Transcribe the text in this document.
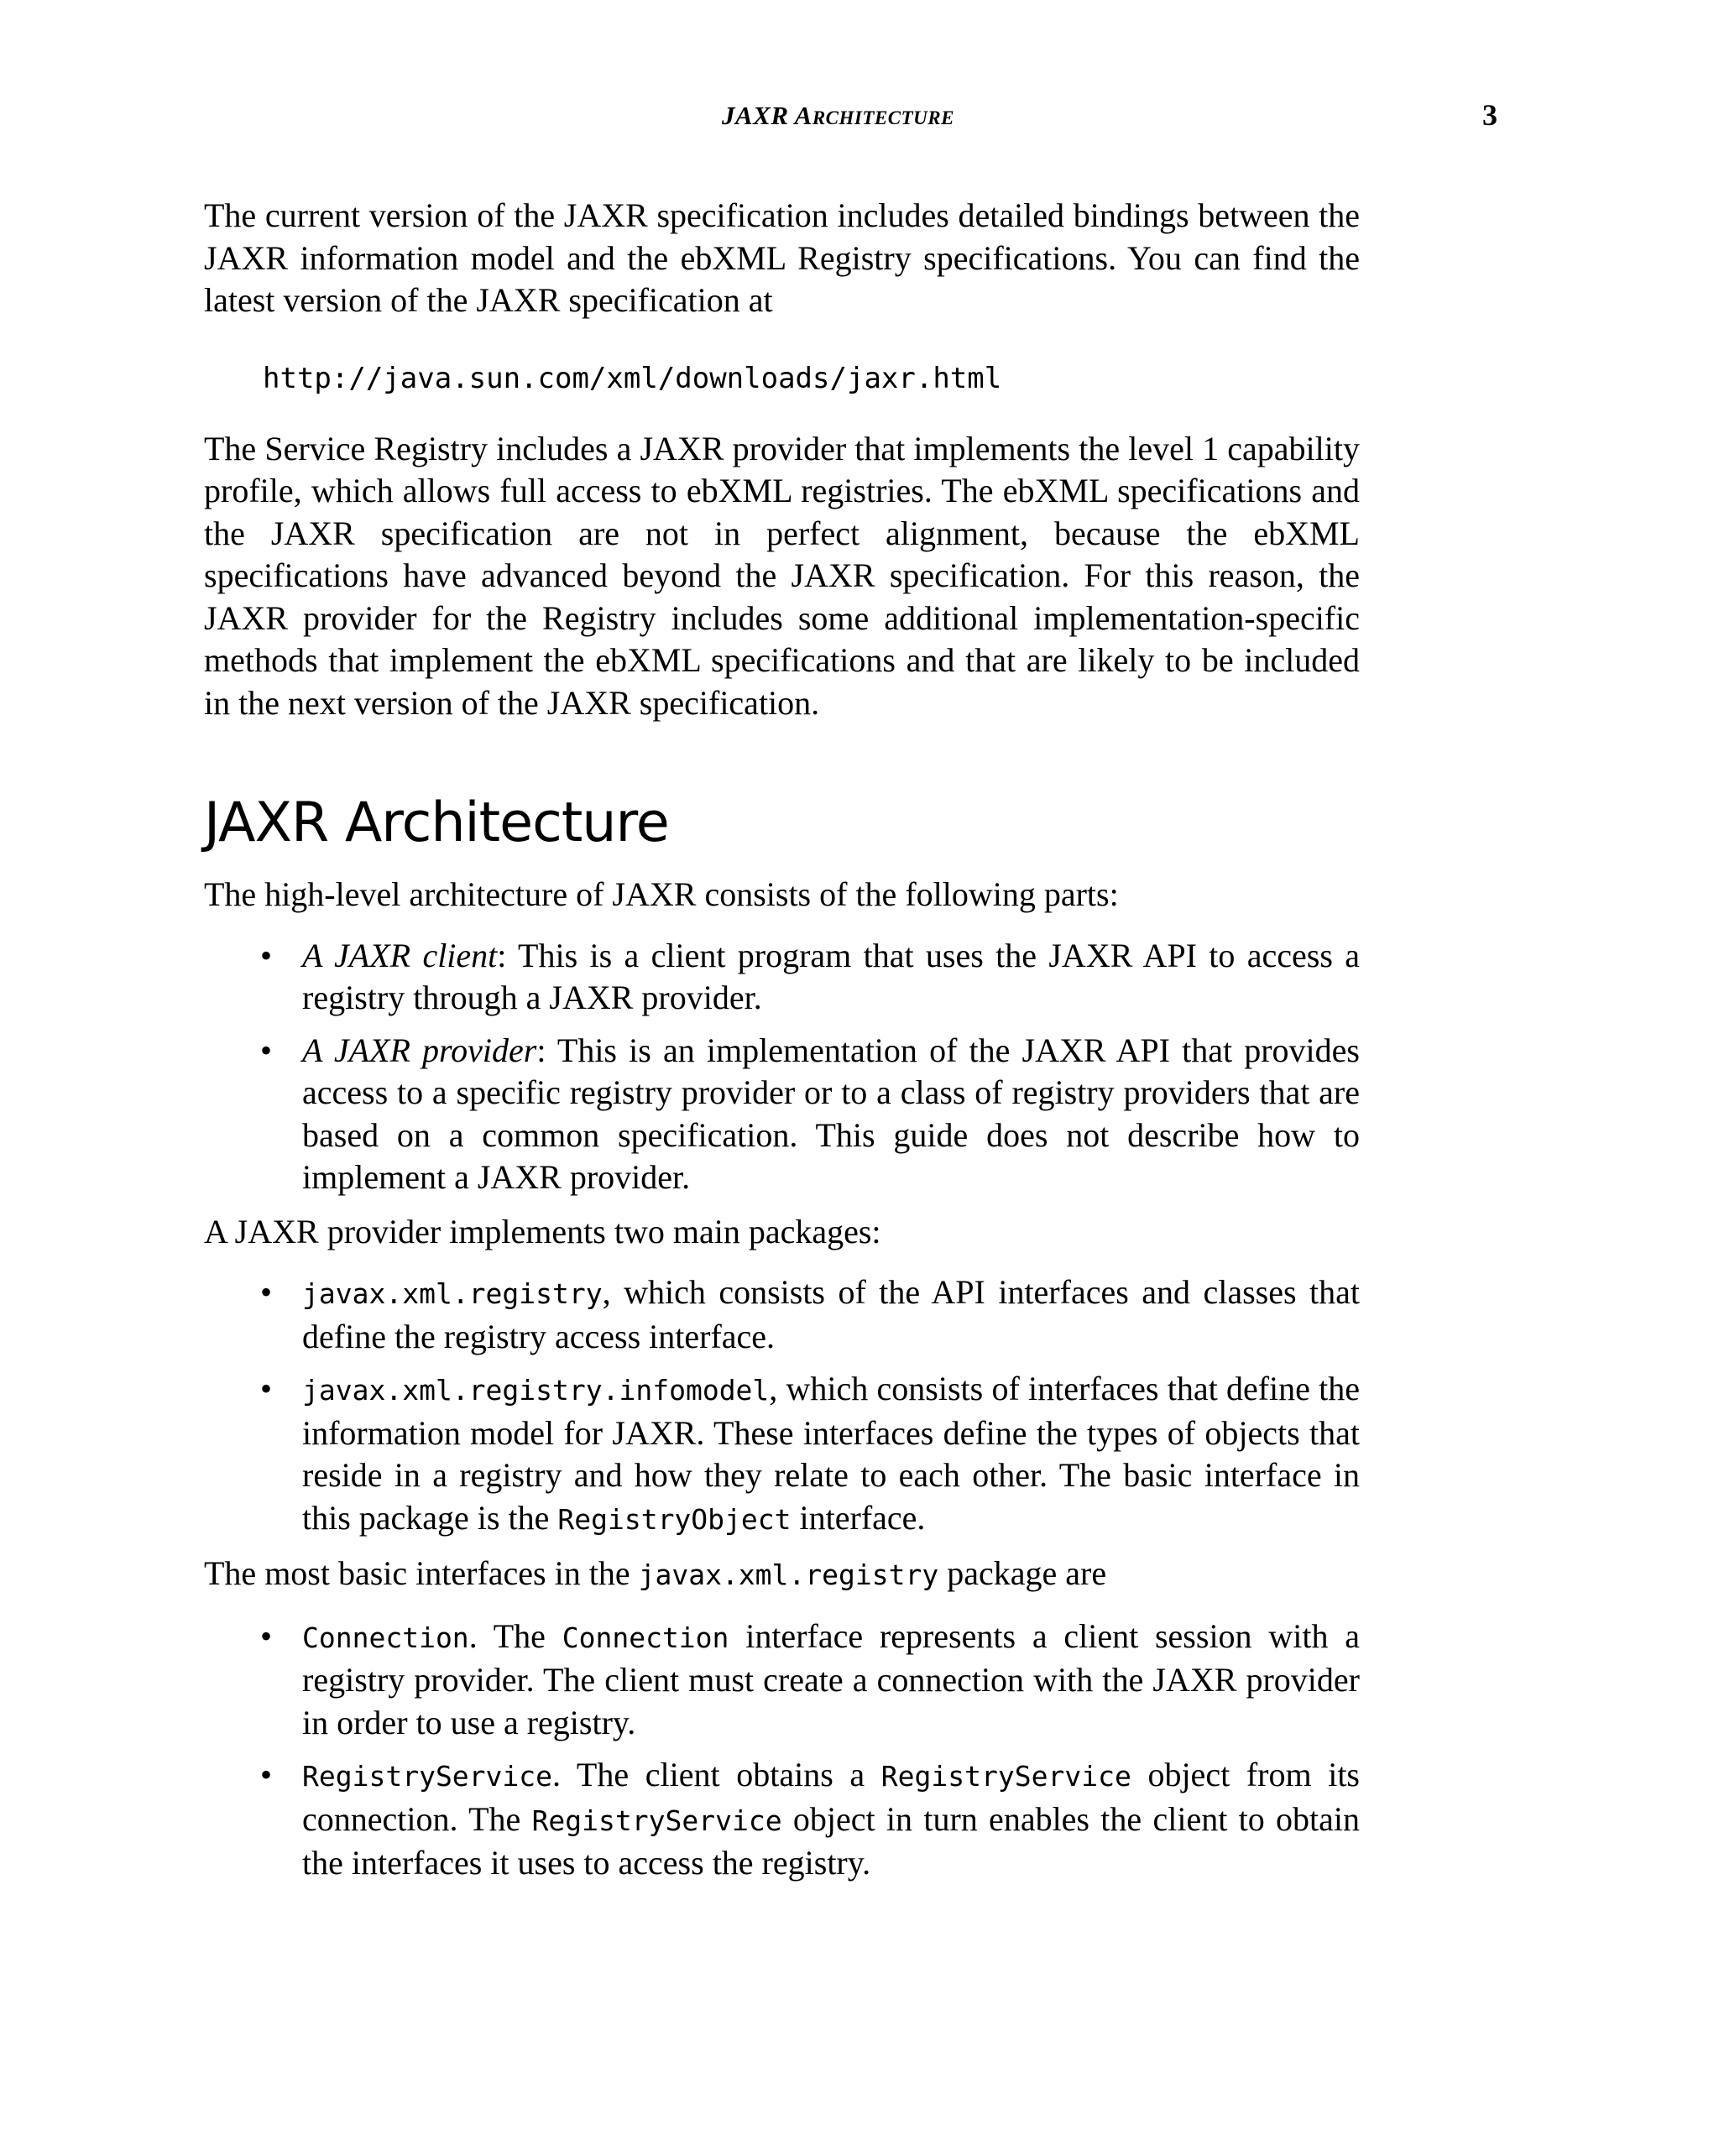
JAXR ARCHITECTURE	3

The current version of the JAXR specification includes detailed bindings between the JAXR information model and the ebXML Registry specifications. You can find the latest version of the JAXR specification at

http://java.sun.com/xml/downloads/jaxr.html

The Service Registry includes a JAXR provider that implements the level 1 capability profile, which allows full access to ebXML registries. The ebXML specifications and the JAXR specification are not in perfect alignment, because the ebXML specifications have advanced beyond the JAXR specification. For this reason, the JAXR provider for the Registry includes some additional implementation-specific methods that implement the ebXML specifications and that are likely to be included in the next version of the JAXR specification.

JAXR Architecture

The high-level architecture of JAXR consists of the following parts:

• A JAXR client: This is a client program that uses the JAXR API to access a registry through a JAXR provider.
• A JAXR provider: This is an implementation of the JAXR API that provides access to a specific registry provider or to a class of registry providers that are based on a common specification. This guide does not describe how to implement a JAXR provider.

A JAXR provider implements two main packages:

• javax.xml.registry, which consists of the API interfaces and classes that define the registry access interface.
• javax.xml.registry.infomodel, which consists of interfaces that define the information model for JAXR. These interfaces define the types of objects that reside in a registry and how they relate to each other. The basic interface in this package is the RegistryObject interface.

The most basic interfaces in the javax.xml.registry package are

• Connection. The Connection interface represents a client session with a registry provider. The client must create a connection with the JAXR provider in order to use a registry.
• RegistryService. The client obtains a RegistryService object from its connection. The RegistryService object in turn enables the client to obtain the interfaces it uses to access the registry.
